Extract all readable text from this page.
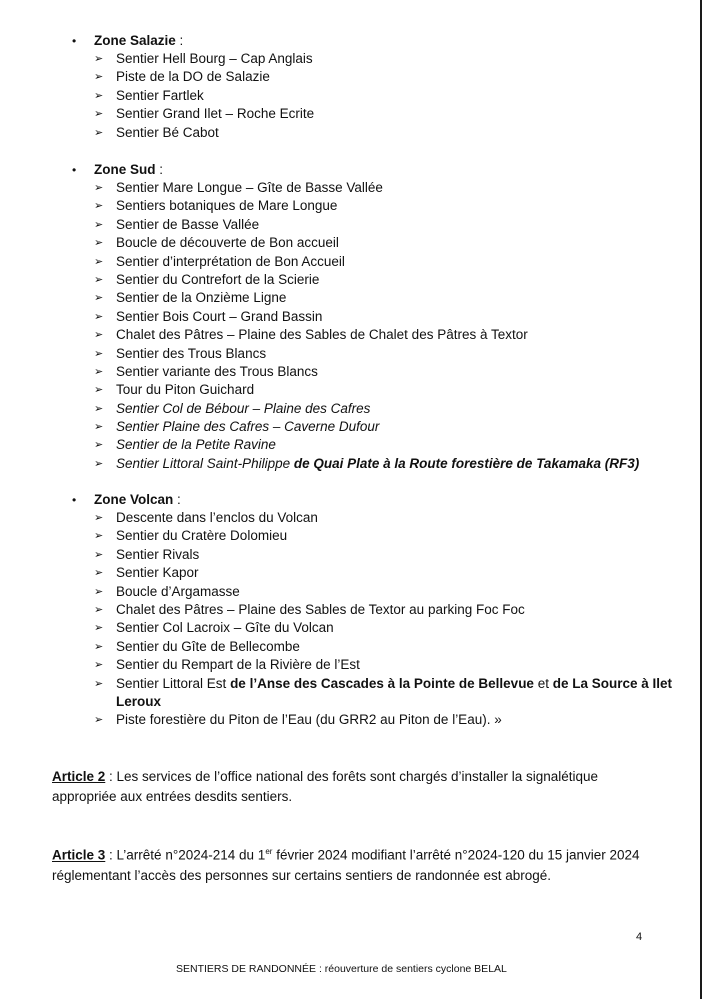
• Zone Salazie :
➢ Sentier Hell Bourg – Cap Anglais
➢ Piste de la DO de Salazie
➢ Sentier Fartlek
➢ Sentier Grand Ilet – Roche Ecrite
➢ Sentier Bé Cabot
• Zone Sud :
➢ Sentier Mare Longue – Gîte de Basse Vallée
➢ Sentiers botaniques de Mare Longue
➢ Sentier de Basse Vallée
➢ Boucle de découverte de Bon accueil
➢ Sentier d’interprétation de Bon Accueil
➢ Sentier du Contrefort de la Scierie
➢ Sentier de la Onzième Ligne
➢ Sentier Bois Court – Grand Bassin
➢ Chalet des Pâtres – Plaine des Sables de Chalet des Pâtres à Textor
➢ Sentier des Trous Blancs
➢ Sentier variante des Trous Blancs
➢ Tour du Piton Guichard
➢ Sentier Col de Bébour – Plaine des Cafres
➢ Sentier Plaine des Cafres – Caverne Dufour
➢ Sentier de la Petite Ravine
➢ Sentier Littoral Saint-Philippe de Quai Plate à la Route forestière de Takamaka (RF3)
• Zone Volcan :
➢ Descente dans l’enclos du Volcan
➢ Sentier du Cratère Dolomieu
➢ Sentier Rivals
➢ Sentier Kapor
➢ Boucle d’Argamasse
➢ Chalet des Pâtres – Plaine des Sables de Textor au parking Foc Foc
➢ Sentier Col Lacroix – Gîte du Volcan
➢ Sentier du Gîte de Bellecombe
➢ Sentier du Rempart de la Rivière de l’Est
➢ Sentier Littoral Est de l’Anse des Cascades à la Pointe de Bellevue et de La Source à Ilet Leroux
➢ Piste forestière du Piton de l’Eau (du GRR2 au Piton de l’Eau). »
Article 2 : Les services de l’office national des forêts sont chargés d’installer la signalétique appropriée aux entrées desdits sentiers.
Article 3 : L’arrêté n°2024-214 du 1er février 2024 modifiant l’arrêté n°2024-120 du 15 janvier 2024 réglementant l’accès des personnes sur certains sentiers de randonnée est abrogé.
4
SENTIERS DE RANDONNÉE : réouverture de sentiers cyclone BELAL
